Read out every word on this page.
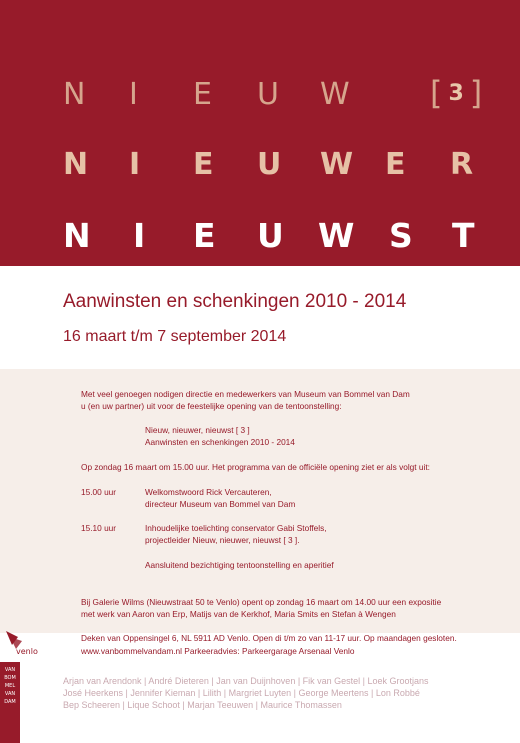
N I E U W	[ 3 ]
N I E U W E R
N I E U W S T
Aanwinsten en schenkingen 2010 - 2014
16 maart t/m 7 september 2014
Met veel genoegen nodigen directie en medewerkers van Museum van Bommel van Dam
u (en uw partner) uit voor de feestelijke opening van de tentoonstelling:
Nieuw, nieuwer, nieuwst [ 3 ]
Aanwinsten en schenkingen 2010 - 2014
Op zondag 16 maart om 15.00 uur. Het programma van de officiële opening ziet er als volgt uit:
15.00 uur	Welkomstwoord Rick Vercauteren,
directeur Museum van Bommel van Dam
15.10 uur	Inhoudelijke toelichting conservator Gabi Stoffels,
projectleider Nieuw, nieuwer, nieuwst [ 3 ].
Aansluitend bezichtiging tentoonstelling en aperitief
Bij Galerie Wilms (Nieuwstraat 50 te Venlo) opent op zondag 16 maart om 14.00 uur een expositie
met werk van Aaron van Erp, Matijs van de Kerkhof, Maria Smits en Stefan à Wengen
Deken van Oppensingel 6, NL 5911 AD Venlo. Open di t/m zo van 11-17 uur. Op maandagen gesloten.
www.vanbommelvandam.nl Parkeeradvies: Parkeergarage Arsenaal Venlo
venlo
VAN
BOM
MEL
VAN
DAM
Arjan van Arendonk | André Dieteren | Jan van Duijnhoven | Fik van Gestel | Loek Grootjans
José Heerkens | Jennifer Kieman | Lilith | Margriet Luyten | George Meertens | Lon Robbé
Bep Scheeren | Lique Schoot | Marjan Teeuwen | Maurice Thomassen
